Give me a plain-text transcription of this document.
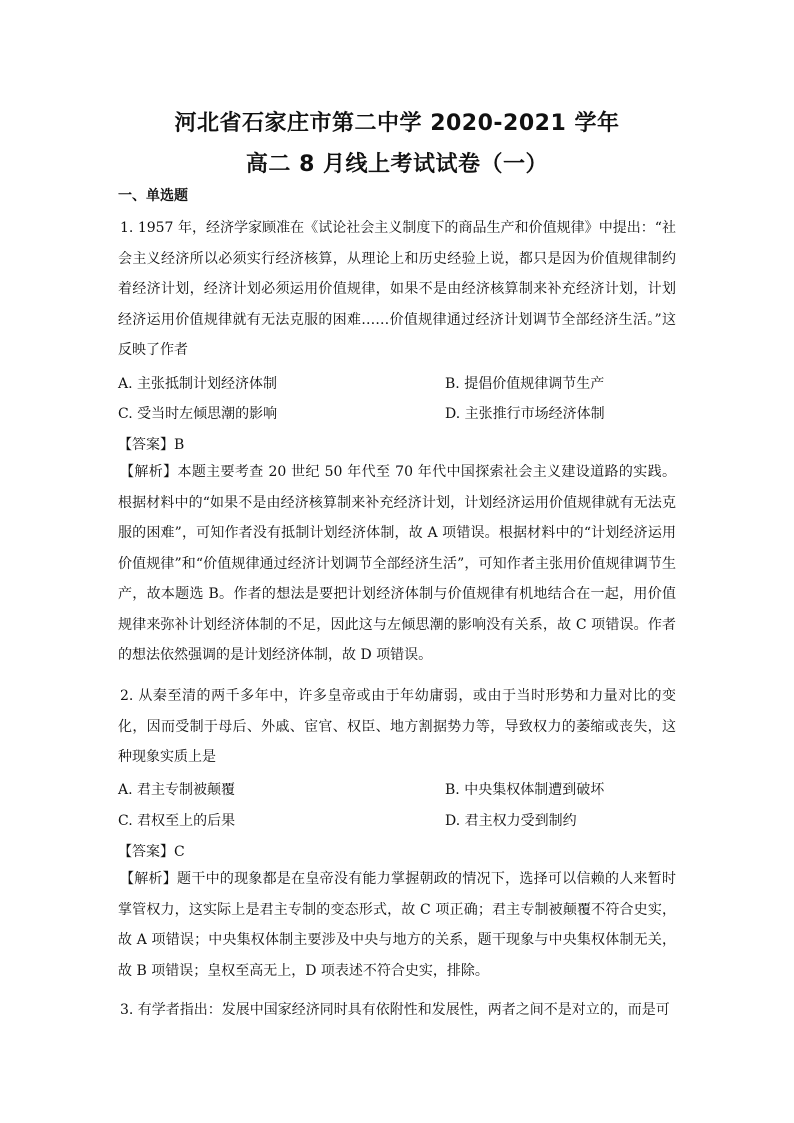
河北省石家庄市第二中学 2020-2021 学年
高二 8 月线上考试试卷（一）
一、单选题

1. 1957 年，经济学家顾准在《试论社会主义制度下的商品生产和价值规律》中提出：“社会主义经济所以必须实行经济核算，从理论上和历史经验上说，都只是因为价值规律制约着经济计划，经济计划必须运用价值规律，如果不是由经济核算制来补充经济计划，计划经济运用价值规律就有无法克服的困难……价值规律通过经济计划调节全部经济生活。”这反映了作者

A. 主张抵制计划经济体制	B. 提倡价值规律调节生产
C. 受当时左倾思潮的影响	D. 主张推行市场经济体制
【答案】B

【解析】本题主要考查 20 世纪 50 年代至 70 年代中国探索社会主义建设道路的实践。根据材料中的“如果不是由经济核算制来补充经济计划，计划经济运用价值规律就有无法克服的困难”，可知作者没有抵制计划经济体制，故 A 项错误。根据材料中的“计划经济运用价值规律”和“价值规律通过经济计划调节全部经济生活”，可知作者主张用价值规律调节生产，故本题选 B。作者的想法是要把计划经济体制与价值规律有机地结合在一起，用价值规律来弥补计划经济体制的不足，因此这与左倾思潮的影响没有关系，故 C 项错误。作者的想法依然强调的是计划经济体制，故 D 项错误。

2. 从秦至清的两千多年中，许多皇帝或由于年幼庸弱，或由于当时形势和力量对比的变化，因而受制于母后、外戚、宦官、权臣、地方割据势力等，导致权力的萎缩或丧失，这种现象实质上是

A. 君主专制被颠覆	B. 中央集权体制遭到破坏
C. 君权至上的后果	D. 君主权力受到制约
【答案】C

【解析】题干中的现象都是在皇帝没有能力掌握朝政的情况下，选择可以信赖的人来暂时掌管权力，这实际上是君主专制的变态形式，故 C 项正确；君主专制被颠覆不符合史实，故 A 项错误；中央集权体制主要涉及中央与地方的关系，题干现象与中央集权体制无关，故 B 项错误；皇权至高无上，D 项表述不符合史实，排除。

3. 有学者指出：发展中国家经济同时具有依附性和发展性，两者之间不是对立的，而是可
